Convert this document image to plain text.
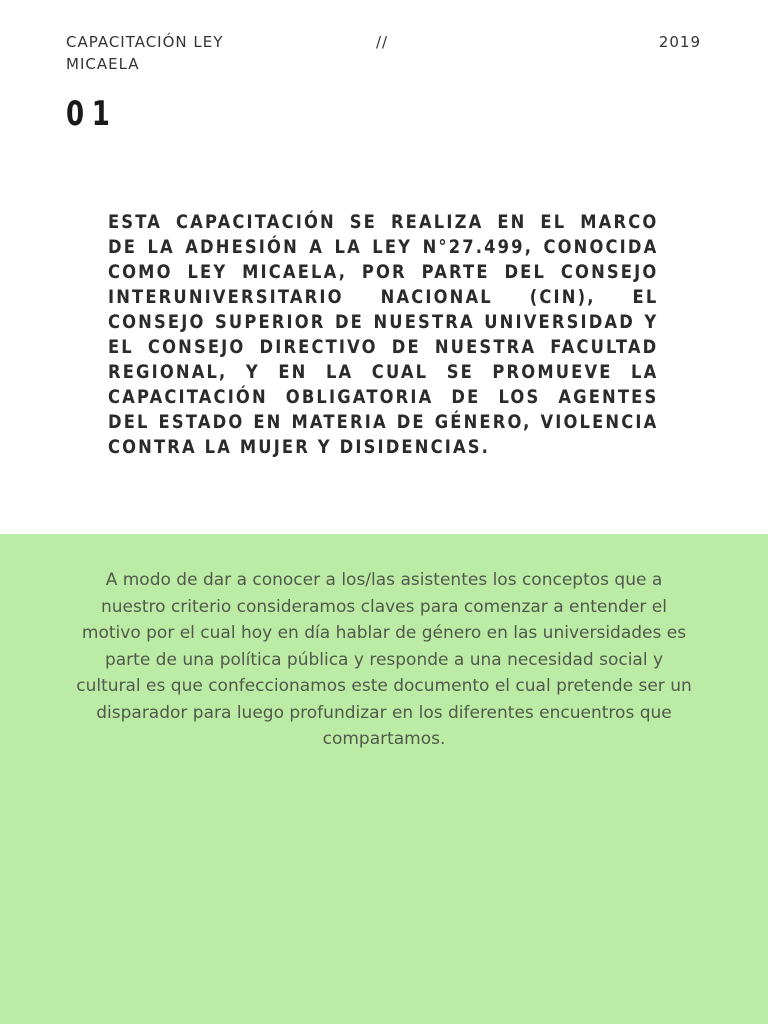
CAPACITACIÓN LEY MICAELA

//	2019
01

ESTA CAPACITACIÓN SE REALIZA EN EL MARCO DE LA ADHESIÓN A LA LEY N°27.499, CONOCIDA COMO LEY MICAELA, POR PARTE DEL CONSEJO INTERUNIVERSITARIO NACIONAL (CIN), EL CONSEJO SUPERIOR DE NUESTRA UNIVERSIDAD Y EL CONSEJO DIRECTIVO DE NUESTRA FACULTAD REGIONAL, Y EN LA CUAL SE PROMUEVE LA CAPACITACIÓN OBLIGATORIA DE LOS AGENTES DEL ESTADO EN MATERIA DE GÉNERO, VIOLENCIA CONTRA LA MUJER Y DISIDENCIAS.

A modo de dar a conocer a los/las asistentes los conceptos que a nuestro criterio consideramos claves para comenzar a entender el motivo por el cual hoy en día hablar de género en las universidades es parte de una política pública y responde a una necesidad social y cultural es que confeccionamos este documento el cual pretende ser un disparador para luego profundizar en los diferentes encuentros que compartamos.
